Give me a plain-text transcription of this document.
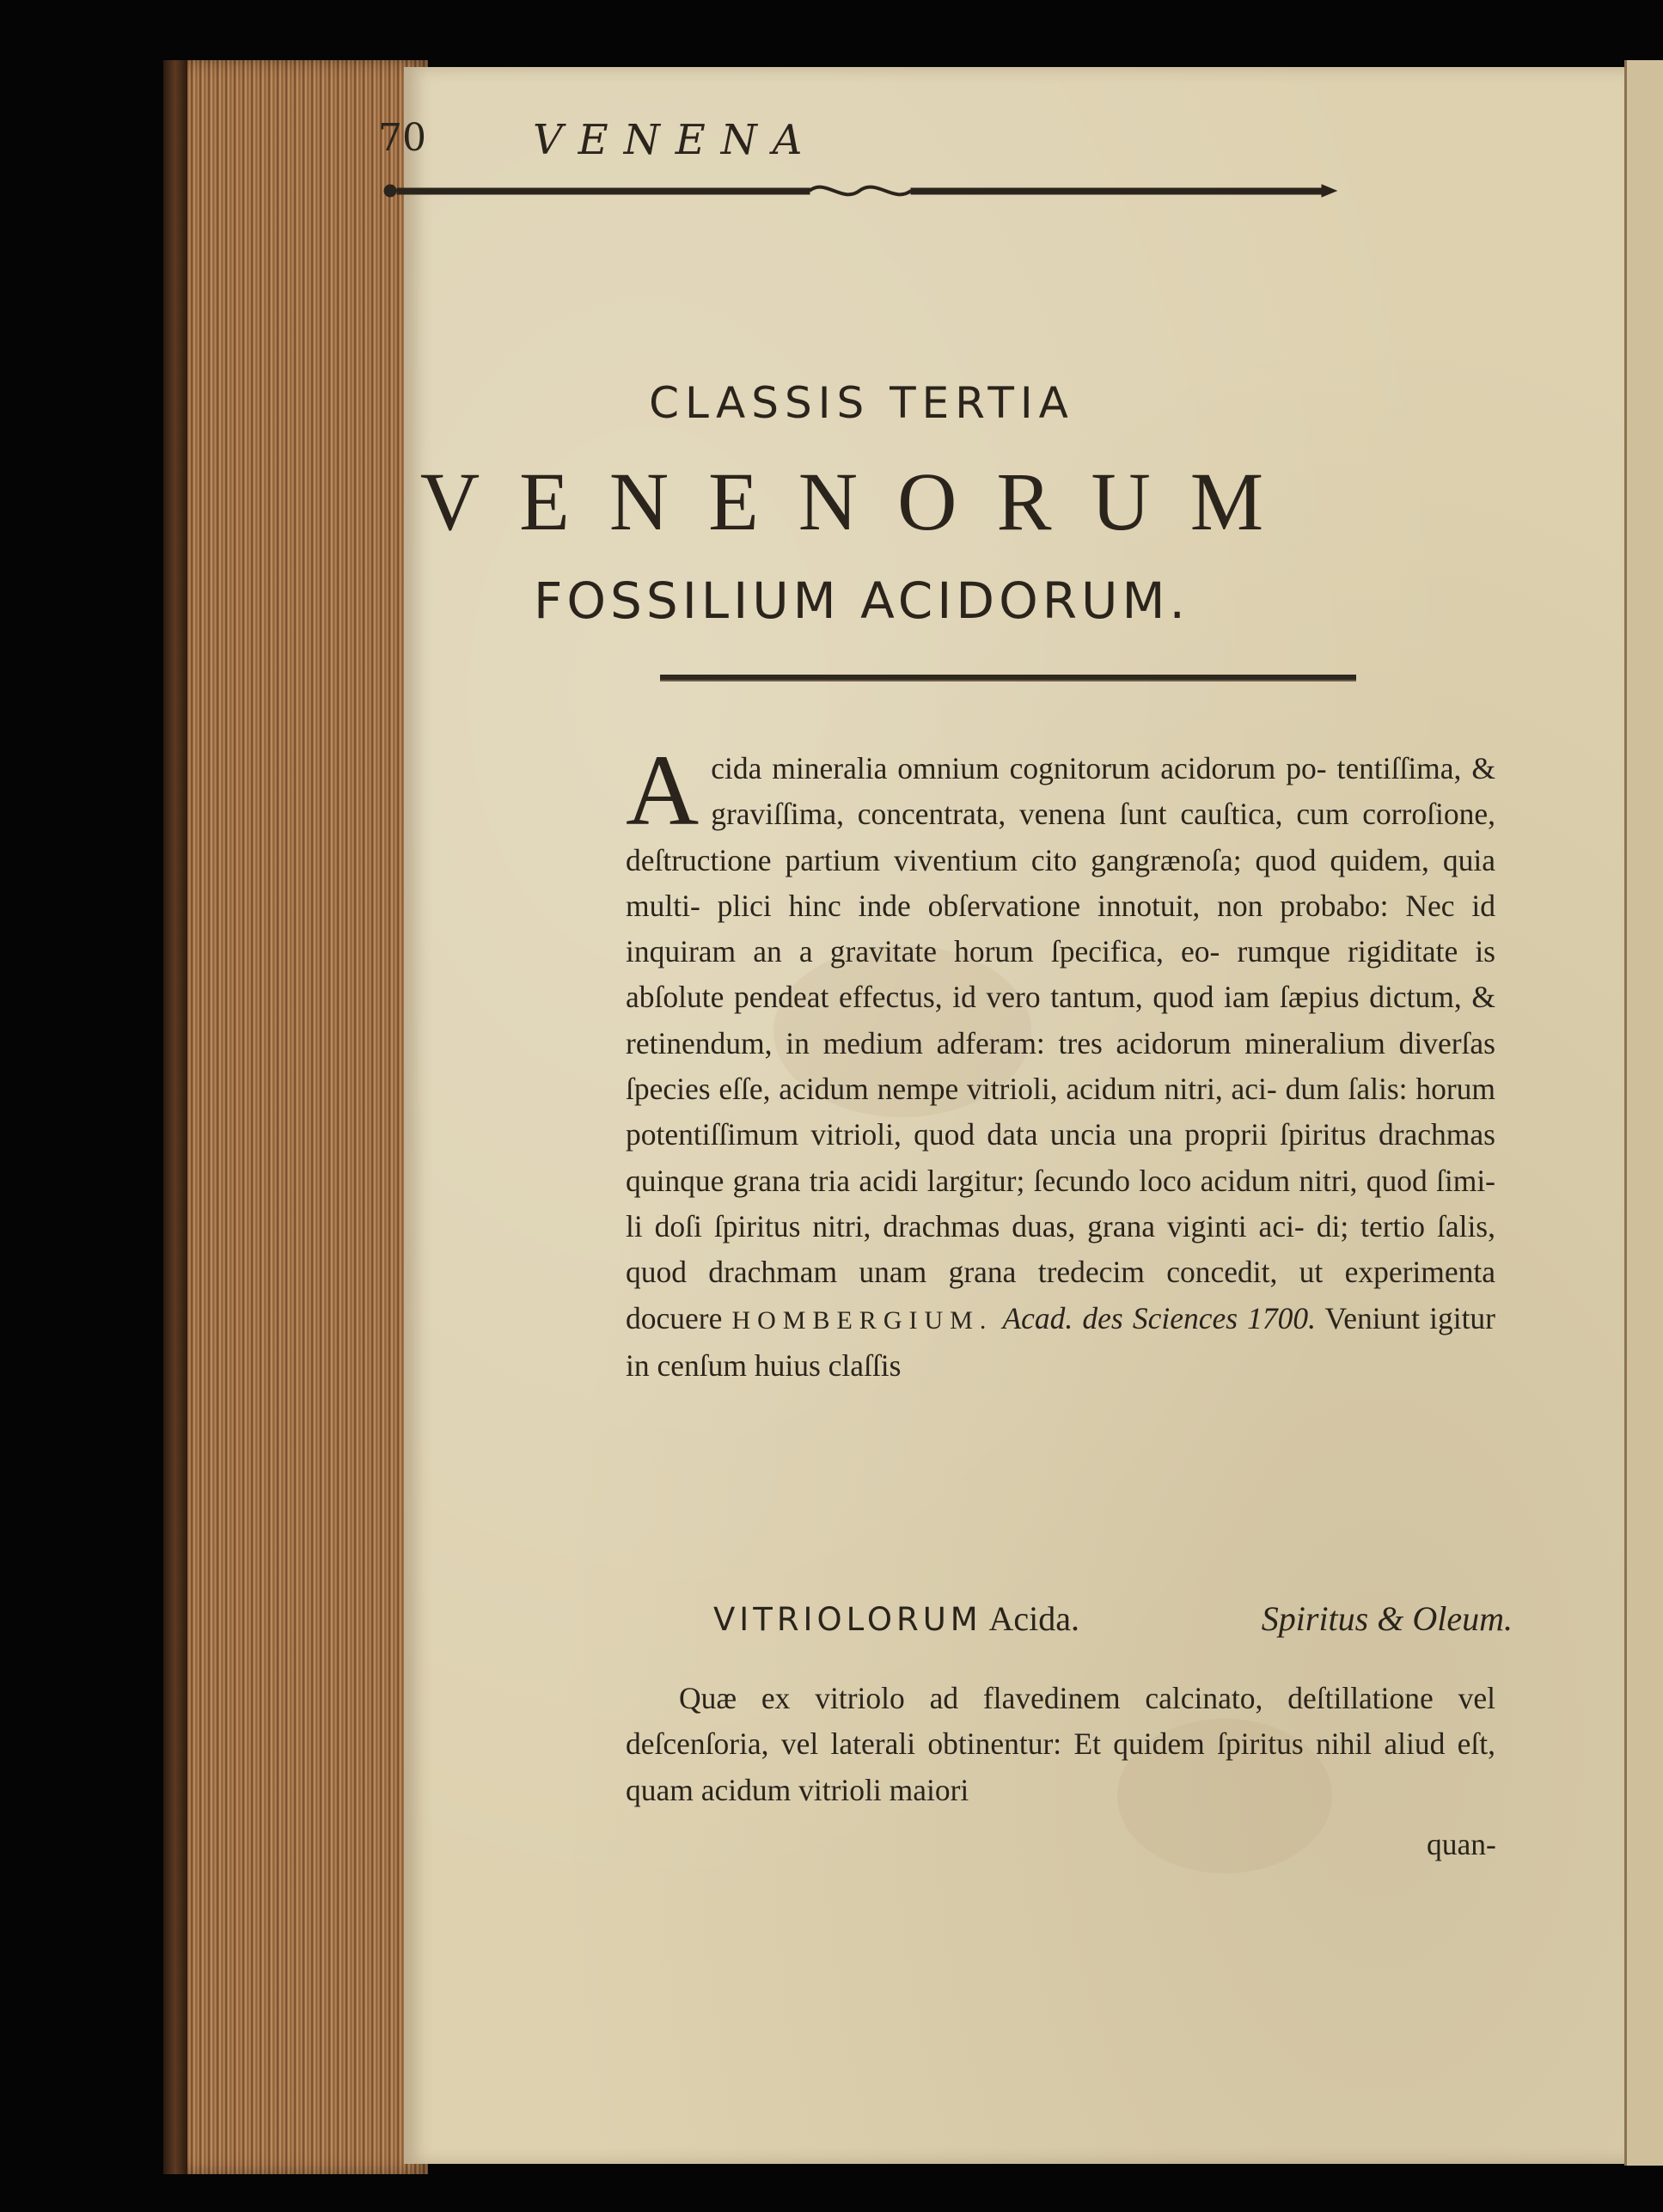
70	VENENA
CLASSIS TERTIA
VENENORUM
FOSSILIUM ACIDORUM.
A cida mineralia omnium cognitorum acidorum po- tentiſſima, & graviſſima, concentrata, venena ſunt cauſtica, cum corroſione, deſtructione partium viventium cito gangrænoſa; quod quidem, quia multi- plici hinc inde obſervatione innotuit, non probabo: Nec id inquiram an a gravitate horum ſpecifica, eo- rumque rigiditate is abſolute pendeat effectus, id vero tantum, quod iam ſæpius dictum, & retinendum, in medium adferam: tres acidorum mineralium diverſas ſpecies eſſe, acidum nempe vitrioli, acidum nitri, aci- dum ſalis: horum potentiſſimum vitrioli, quod data uncia una proprii ſpiritus drachmas quinque grana tria acidi largitur; ſecundo loco acidum nitri, quod ſimi- li doſi ſpiritus nitri, drachmas duas, grana viginti aci- di; tertio ſalis, quod drachmam unam grana tredecim concedit, ut experimenta docuere HOMBERGIUM. Acad. des Sciences 1700. Veniunt igitur in cenſum huius claſſis
VITRIOLORUM Acida.	Spiritus & Oleum.
Quæ ex vitriolo ad flavedinem calcinato, deſtillatione vel deſcenſoria, vel laterali obtinentur: Et quidem ſpiritus nihil aliud eſt, quam acidum vitrioli maiori
quan-
